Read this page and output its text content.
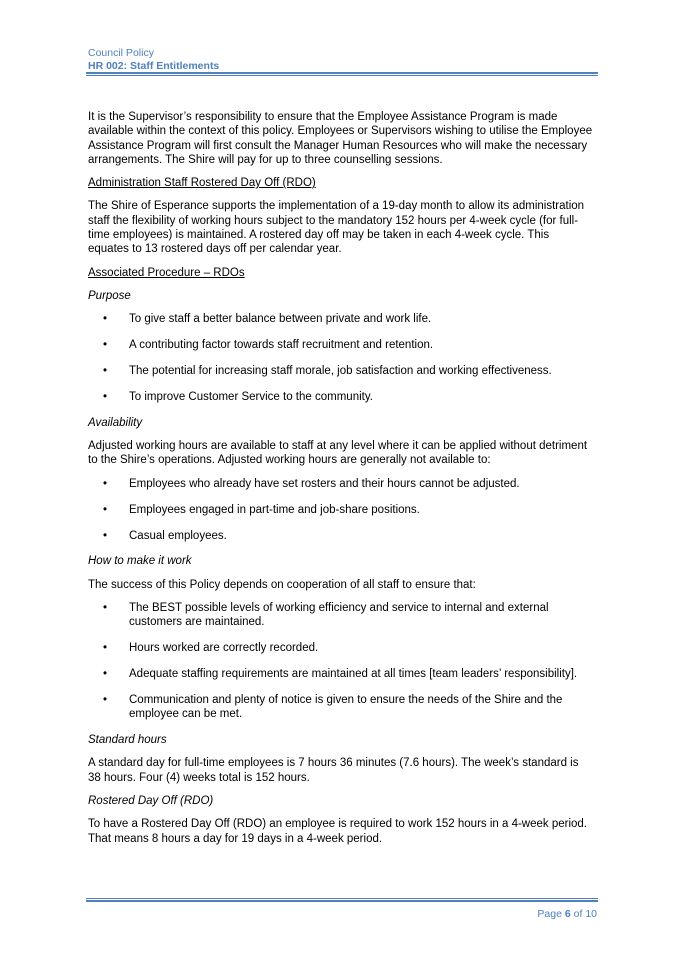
Council Policy
HR 002: Staff Entitlements

It is the Supervisor’s responsibility to ensure that the Employee Assistance Program is made available within the context of this policy. Employees or Supervisors wishing to utilise the Employee Assistance Program will first consult the Manager Human Resources who will make the necessary arrangements. The Shire will pay for up to three counselling sessions.

Administration Staff Rostered Day Off (RDO)

The Shire of Esperance supports the implementation of a 19-day month to allow its administration staff the flexibility of working hours subject to the mandatory 152 hours per 4-week cycle (for full-time employees) is maintained. A rostered day off may be taken in each 4-week cycle. This equates to 13 rostered days off per calendar year.

Associated Procedure – RDOs

Purpose

• To give staff a better balance between private and work life.
• A contributing factor towards staff recruitment and retention.
• The potential for increasing staff morale, job satisfaction and working effectiveness.
• To improve Customer Service to the community.

Availability

Adjusted working hours are available to staff at any level where it can be applied without detriment to the Shire’s operations. Adjusted working hours are generally not available to:

• Employees who already have set rosters and their hours cannot be adjusted.
• Employees engaged in part-time and job-share positions.
• Casual employees.

How to make it work

The success of this Policy depends on cooperation of all staff to ensure that:

• The BEST possible levels of working efficiency and service to internal and external customers are maintained.
• Hours worked are correctly recorded.
• Adequate staffing requirements are maintained at all times [team leaders’ responsibility].
• Communication and plenty of notice is given to ensure the needs of the Shire and the employee can be met.

Standard hours

A standard day for full-time employees is 7 hours 36 minutes (7.6 hours). The week’s standard is 38 hours. Four (4) weeks total is 152 hours.

Rostered Day Off (RDO)

To have a Rostered Day Off (RDO) an employee is required to work 152 hours in a 4-week period. That means 8 hours a day for 19 days in a 4-week period.

Page 6 of 10
